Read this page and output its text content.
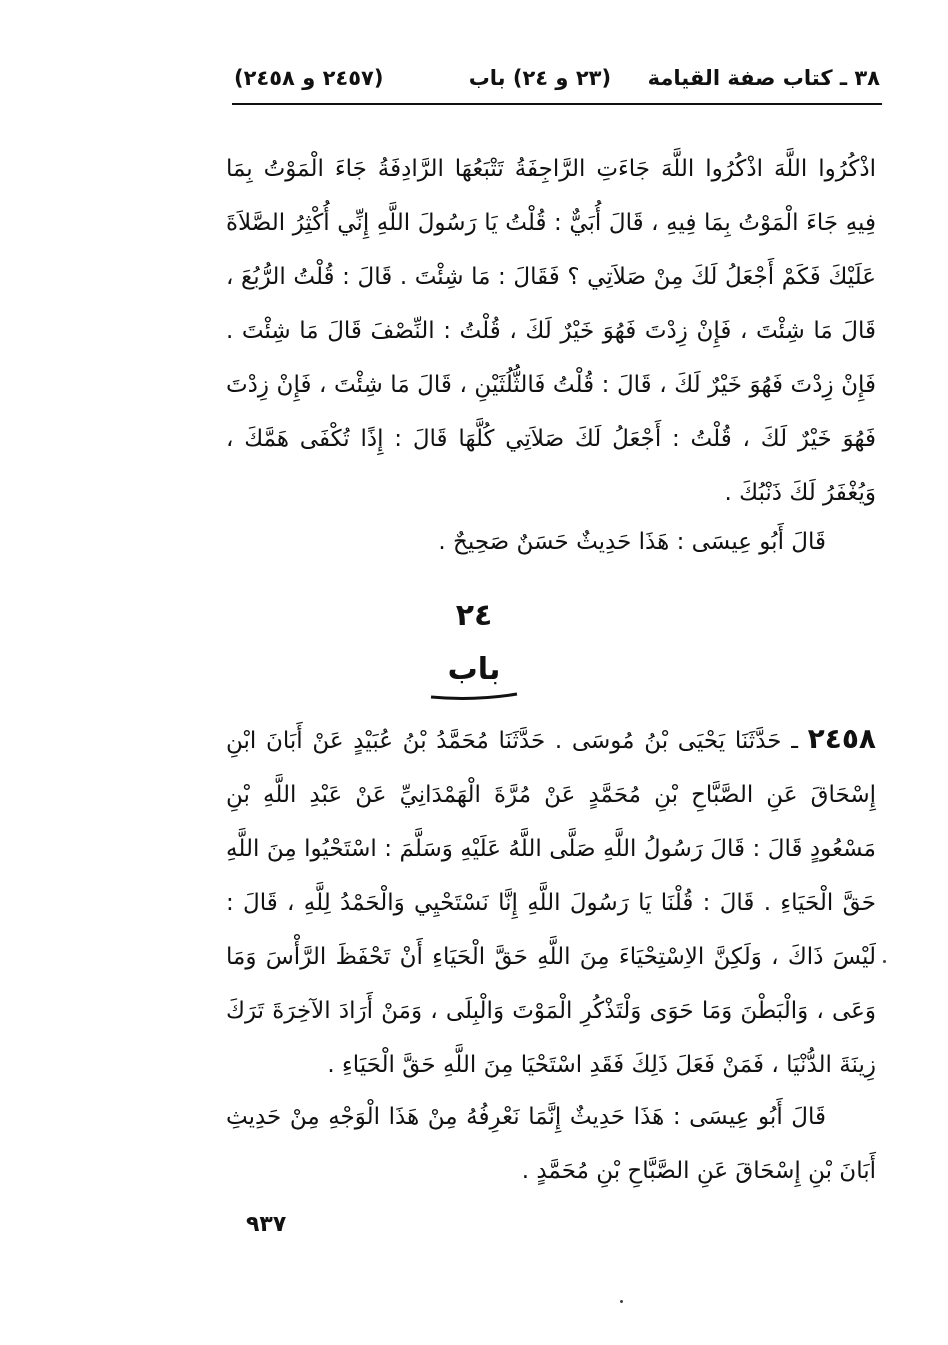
٣٨ ـ كتاب صفة القيامة     (٢٣ و ٢٤) باب
(٢٤٥٧ و ٢٤٥٨)
اذْكُرُوا اللَّهَ اذْكُرُوا اللَّهَ جَاءَتِ الرَّاجِفَةُ تَتْبَعُهَا الرَّادِفَةُ جَاءَ الْمَوْتُ بِمَا فِيهِ جَاءَ الْمَوْتُ بِمَا فِيهِ ، قَالَ أُبَيٌّ : قُلْتُ يَا رَسُولَ اللَّهِ إِنِّي أُكْثِرُ الصَّلاَةَ عَلَيْكَ فَكَمْ أَجْعَلُ لَكَ مِنْ صَلاَتِي ؟ فَقَالَ : مَا شِئْتَ . قَالَ : قُلْتُ الرُّبُعَ ، قَالَ مَا شِئْتَ ، فَإِنْ زِدْتَ فَهُوَ خَيْرٌ لَكَ ، قُلْتُ : النِّصْفَ قَالَ مَا شِئْتَ . فَإِنْ زِدْتَ فَهُوَ خَيْرٌ لَكَ ، قَالَ : قُلْتُ فَالثُّلُثَيْنِ ، قَالَ مَا شِئْتَ ، فَإِنْ زِدْتَ فَهُوَ خَيْرٌ لَكَ ، قُلْتُ : أَجْعَلُ لَكَ صَلاَتِي كُلَّهَا قَالَ : إِذًا تُكْفَى هَمَّكَ ، وَيُغْفَرُ لَكَ ذَنْبُكَ .
قَالَ أَبُو عِيسَى : هَذَا حَدِيثٌ حَسَنٌ صَحِيحٌ .
٢٤
باب
٢٤٥٨ ـ حَدَّثَنَا يَحْيَى بْنُ مُوسَى . حَدَّثَنَا مُحَمَّدُ بْنُ عُبَيْدٍ عَنْ أَبَانَ ابْنِ إِسْحَاقَ عَنِ الصَّبَّاحِ بْنِ مُحَمَّدٍ عَنْ مُرَّةَ الْهَمْدَانِيِّ عَنْ عَبْدِ اللَّهِ بْنِ مَسْعُودٍ قَالَ : قَالَ رَسُولُ اللَّهِ صَلَّى اللَّهُ عَلَيْهِ وَسَلَّمَ : اسْتَحْيُوا مِنَ اللَّهِ حَقَّ الْحَيَاءِ . قَالَ : قُلْنَا يَا رَسُولَ اللَّهِ إِنَّا نَسْتَحْيِي وَالْحَمْدُ لِلَّهِ ، قَالَ : لَيْسَ ذَاكَ ، وَلَكِنَّ الاِسْتِحْيَاءَ مِنَ اللَّهِ حَقَّ الْحَيَاءِ أَنْ تَحْفَظَ الرَّأْسَ وَمَا وَعَى ، وَالْبَطْنَ وَمَا حَوَى وَلْتَذْكُرِ الْمَوْتَ وَالْبِلَى ، وَمَنْ أَرَادَ الآخِرَةَ تَرَكَ زِينَةَ الدُّنْيَا ، فَمَنْ فَعَلَ ذَلِكَ فَقَدِ اسْتَحْيَا مِنَ اللَّهِ حَقَّ الْحَيَاءِ .
قَالَ أَبُو عِيسَى : هَذَا حَدِيثٌ إِنَّمَا نَعْرِفُهُ مِنْ هَذَا الْوَجْهِ مِنْ حَدِيثِ أَبَانَ بْنِ إِسْحَاقَ عَنِ الصَّبَّاحِ بْنِ مُحَمَّدٍ .
٩٣٧
